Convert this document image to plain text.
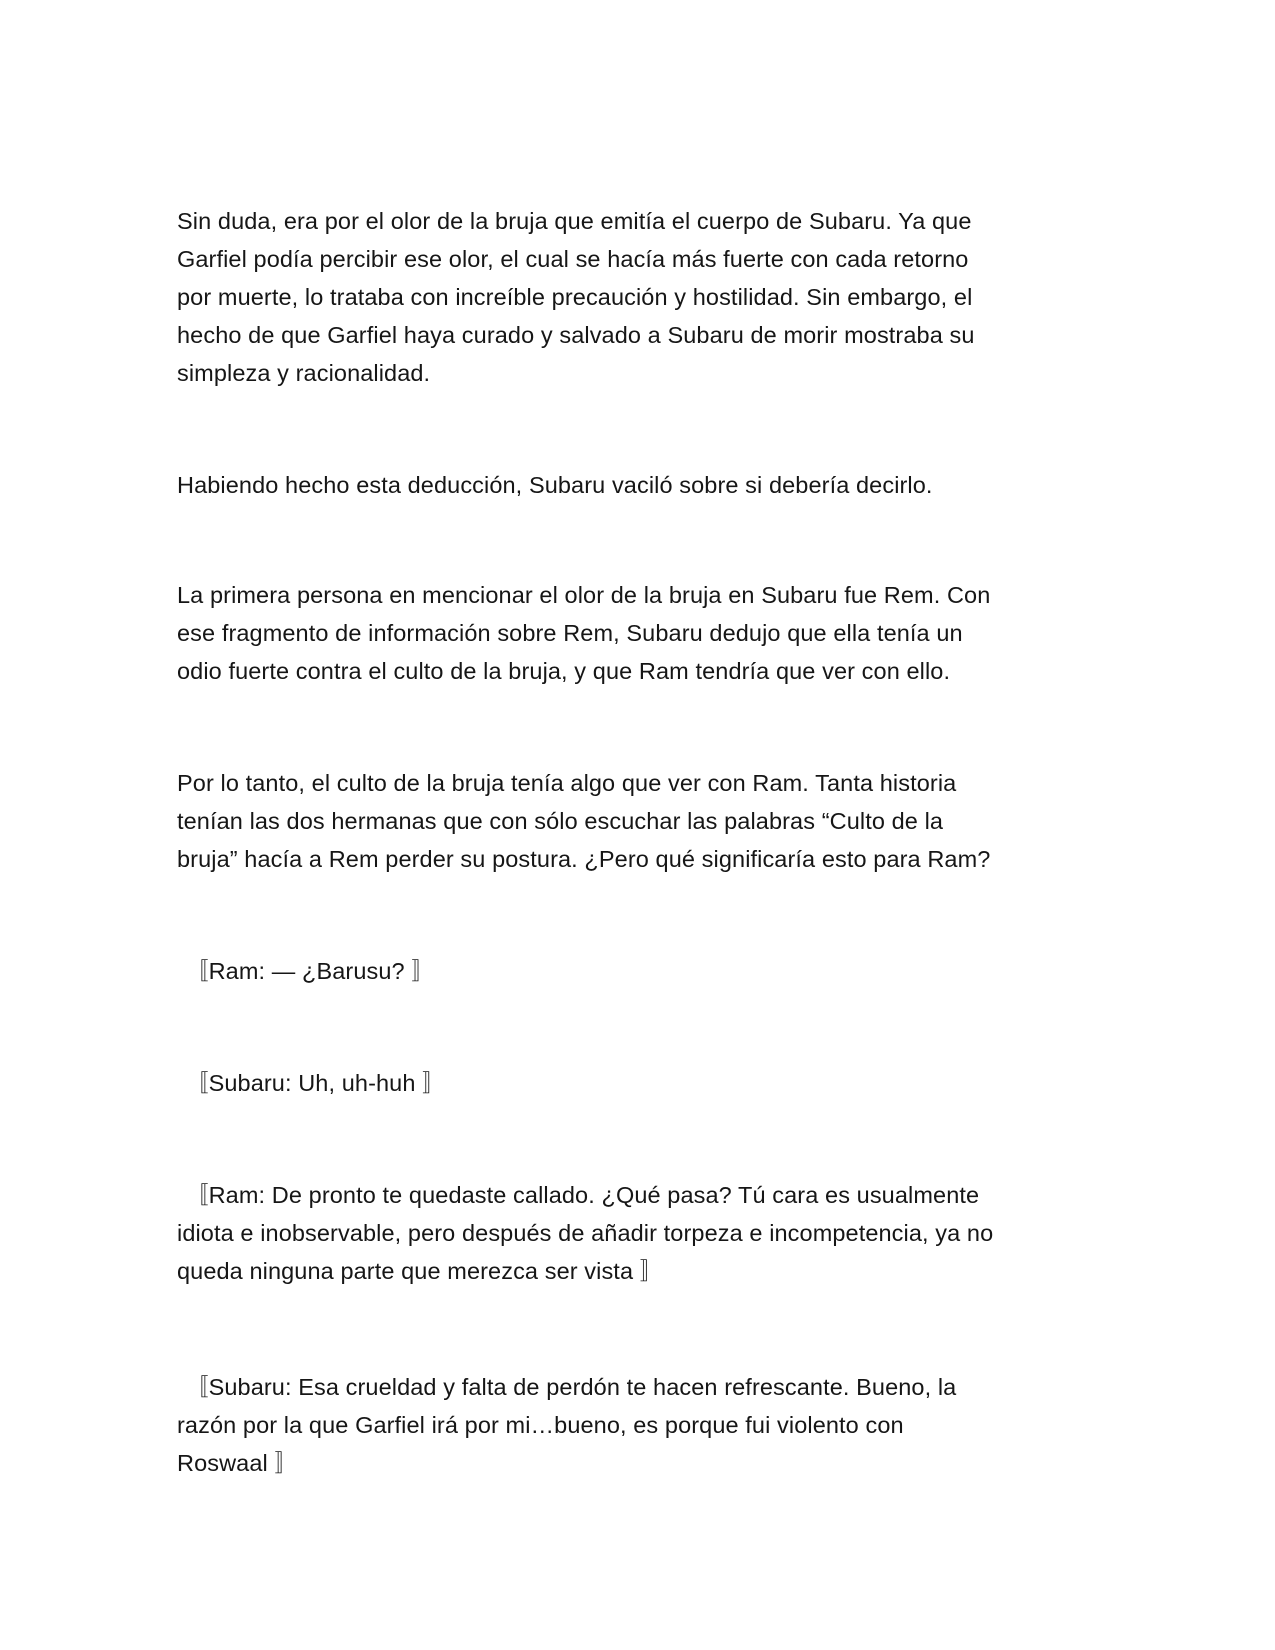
Sin duda, era por el olor de la bruja que emitía el cuerpo de Subaru. Ya que
Garfiel podía percibir ese olor, el cual se hacía más fuerte con cada retorno
por muerte, lo trataba con increíble precaución y hostilidad. Sin embargo, el
hecho de que Garfiel haya curado y salvado a Subaru de morir mostraba su
simpleza y racionalidad.

Habiendo hecho esta deducción, Subaru vaciló sobre si debería decirlo.

La primera persona en mencionar el olor de la bruja en Subaru fue Rem. Con
ese fragmento de información sobre Rem, Subaru dedujo que ella tenía un
odio fuerte contra el culto de la bruja, y que Ram tendría que ver con ello.

Por lo tanto, el culto de la bruja tenía algo que ver con Ram. Tanta historia
tenían las dos hermanas que con sólo escuchar las palabras “Culto de la
bruja” hacía a Rem perder su postura. ¿Pero qué significaría esto para Ram?

〚Ram: — ¿Barusu? 〛

〚Subaru: Uh, uh-huh 〛

〚Ram: De pronto te quedaste callado. ¿Qué pasa? Tú cara es usualmente
idiota e inobservable, pero después de añadir torpeza e incompetencia, ya no
queda ninguna parte que merezca ser vista 〛

〚Subaru: Esa crueldad y falta de perdón te hacen refrescante. Bueno, la
razón por la que Garfiel irá por mi…bueno, es porque fui violento con
Roswaal 〛
